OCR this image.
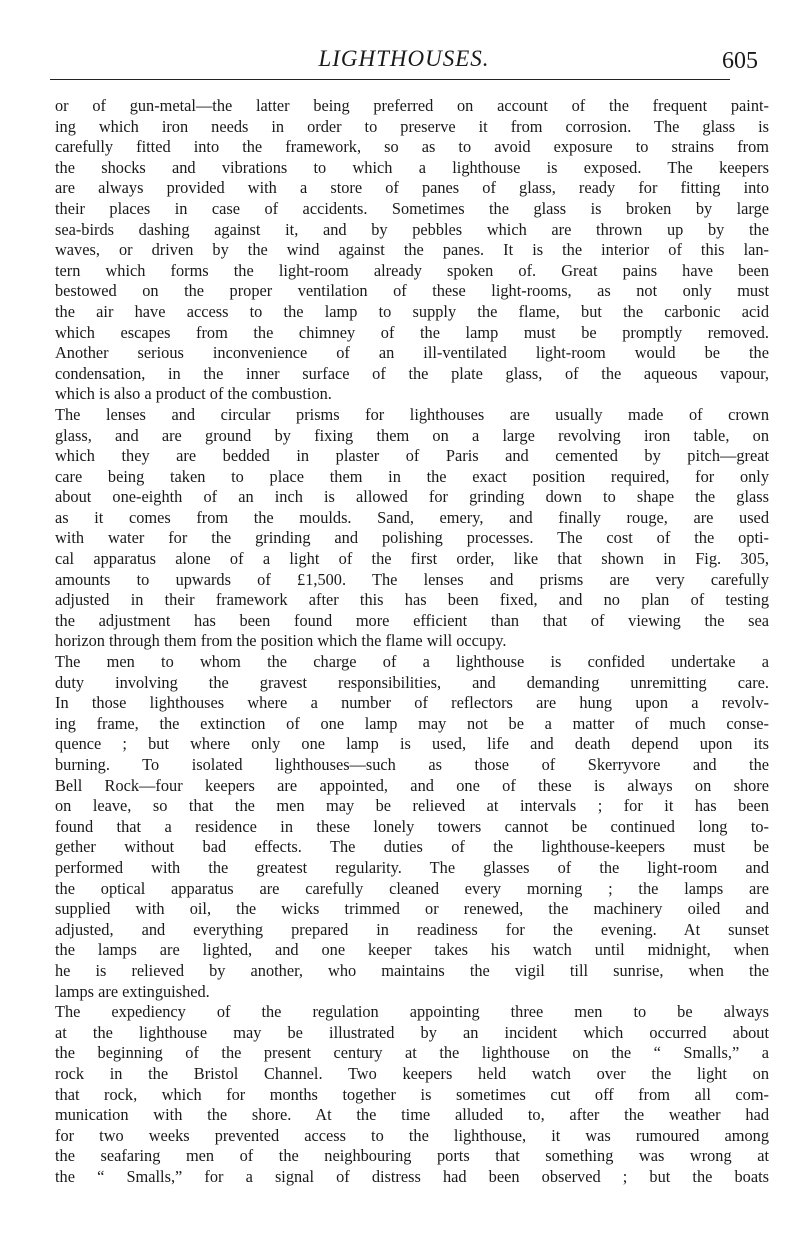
LIGHTHOUSES.	605
or of gun-metal—the latter being preferred on account of the frequent paint-
ing which iron needs in order to preserve it from corrosion. The glass is
carefully fitted into the framework, so as to avoid exposure to strains from
the shocks and vibrations to which a lighthouse is exposed. The keepers
are always provided with a store of panes of glass, ready for fitting into
their places in case of accidents. Sometimes the glass is broken by large
sea-birds dashing against it, and by pebbles which are thrown up by the
waves, or driven by the wind against the panes. It is the interior of this lan-
tern which forms the light-room already spoken of. Great pains have been
bestowed on the proper ventilation of these light-rooms, as not only must
the air have access to the lamp to supply the flame, but the carbonic acid
which escapes from the chimney of the lamp must be promptly removed.
Another serious inconvenience of an ill-ventilated light-room would be the
condensation, in the inner surface of the plate glass, of the aqueous vapour,
which is also a product of the combustion.
The lenses and circular prisms for lighthouses are usually made of crown
glass, and are ground by fixing them on a large revolving iron table, on
which they are bedded in plaster of Paris and cemented by pitch—great
care being taken to place them in the exact position required, for only
about one-eighth of an inch is allowed for grinding down to shape the glass
as it comes from the moulds. Sand, emery, and finally rouge, are used
with water for the grinding and polishing processes. The cost of the opti-
cal apparatus alone of a light of the first order, like that shown in Fig. 305,
amounts to upwards of £1,500. The lenses and prisms are very carefully
adjusted in their framework after this has been fixed, and no plan of testing
the adjustment has been found more efficient than that of viewing the sea
horizon through them from the position which the flame will occupy.
The men to whom the charge of a lighthouse is confided undertake a
duty involving the gravest responsibilities, and demanding unremitting care.
In those lighthouses where a number of reflectors are hung upon a revolv-
ing frame, the extinction of one lamp may not be a matter of much conse-
quence ; but where only one lamp is used, life and death depend upon its
burning. To isolated lighthouses—such as those of Skerryvore and the
Bell Rock—four keepers are appointed, and one of these is always on shore
on leave, so that the men may be relieved at intervals ; for it has been
found that a residence in these lonely towers cannot be continued long to-
gether without bad effects. The duties of the lighthouse-keepers must be
performed with the greatest regularity. The glasses of the light-room and
the optical apparatus are carefully cleaned every morning ; the lamps are
supplied with oil, the wicks trimmed or renewed, the machinery oiled and
adjusted, and everything prepared in readiness for the evening. At sunset
the lamps are lighted, and one keeper takes his watch until midnight, when
he is relieved by another, who maintains the vigil till sunrise, when the
lamps are extinguished.
The expediency of the regulation appointing three men to be always
at the lighthouse may be illustrated by an incident which occurred about
the beginning of the present century at the lighthouse on the “ Smalls,” a
rock in the Bristol Channel. Two keepers held watch over the light on
that rock, which for months together is sometimes cut off from all com-
munication with the shore. At the time alluded to, after the weather had
for two weeks prevented access to the lighthouse, it was rumoured among
the seafaring men of the neighbouring ports that something was wrong at
the “ Smalls,” for a signal of distress had been observed ; but the boats
